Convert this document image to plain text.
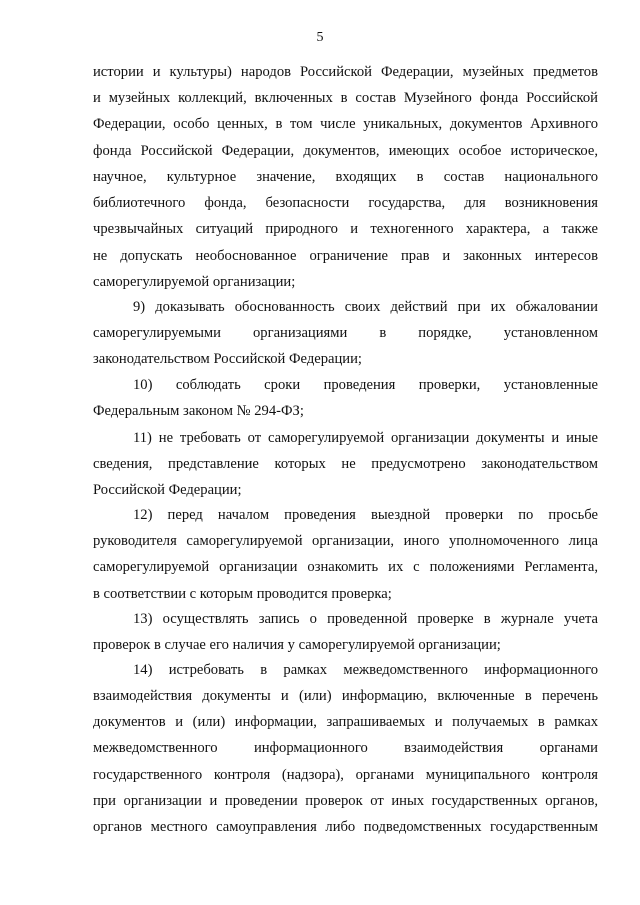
5
истории и культуры) народов Российской Федерации, музейных предметов
и музейных коллекций, включенных в состав Музейного фонда Российской
Федерации, особо ценных, в том числе уникальных, документов Архивного
фонда Российской Федерации, документов, имеющих особое историческое,
научное, культурное значение, входящих в состав национального
библиотечного фонда, безопасности государства, для возникновения
чрезвычайных ситуаций природного и техногенного характера, а также
не допускать необоснованное ограничение прав и законных интересов
саморегулируемой организации;
9) доказывать обоснованность своих действий при их обжаловании
саморегулируемыми организациями в порядке, установленном
законодательством Российской Федерации;
10) соблюдать сроки проведения проверки, установленные
Федеральным законом № 294-ФЗ;
11) не требовать от саморегулируемой организации документы и иные
сведения, представление которых не предусмотрено законодательством
Российской Федерации;
12) перед началом проведения выездной проверки по просьбе
руководителя саморегулируемой организации, иного уполномоченного лица
саморегулируемой организации ознакомить их с положениями Регламента,
в соответствии с которым проводится проверка;
13) осуществлять запись о проведенной проверке в журнале учета
проверок в случае его наличия у саморегулируемой организации;
14) истребовать в рамках межведомственного информационного
взаимодействия документы и (или) информацию, включенные в перечень
документов и (или) информации, запрашиваемых и получаемых в рамках
межведомственного информационного взаимодействия органами
государственного контроля (надзора), органами муниципального контроля
при организации и проведении проверок от иных государственных органов,
органов местного самоуправления либо подведомственных государственным
